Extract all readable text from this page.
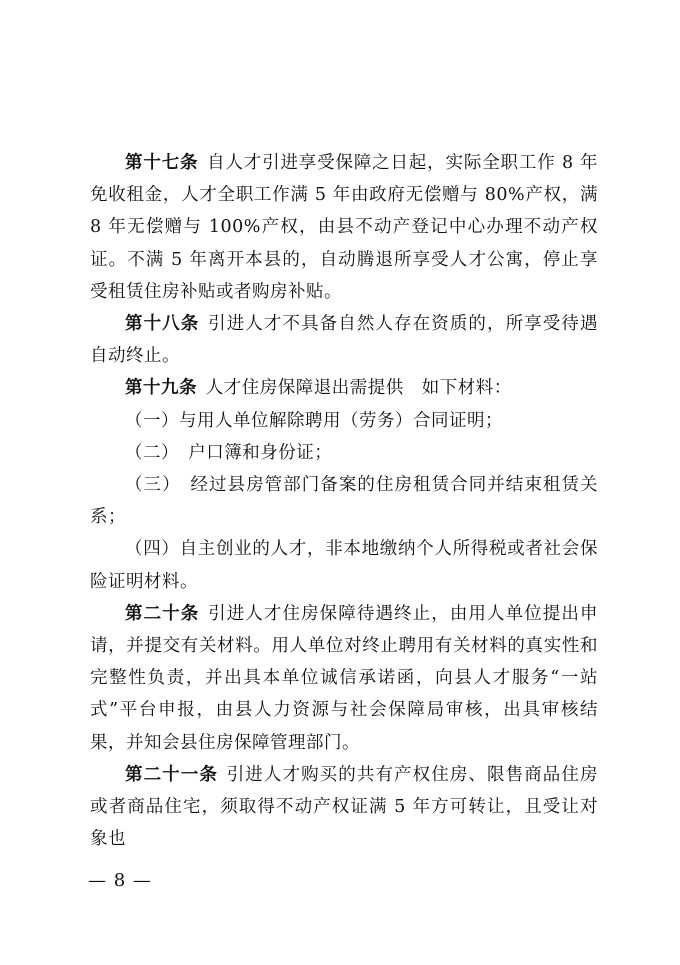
第十七条 自人才引进享受保障之日起，实际全职工作 8 年免收租金，人才全职工作满 5 年由政府无偿赠与 80%产权，满 8 年无偿赠与 100%产权，由县不动产登记中心办理不动产权证。不满 5 年离开本县的，自动腾退所享受人才公寓，停止享受租赁住房补贴或者购房补贴。

第十八条 引进人才不具备自然人存在资质的，所享受待遇自动终止。

第十九条 人才住房保障退出需提供　如下材料：

（一）与用人单位解除聘用（劳务）合同证明；

（二）　户口簿和身份证；

（三）　经过县房管部门备案的住房租赁合同并结束租赁关系；

（四）自主创业的人才，非本地缴纳个人所得税或者社会保险证明材料。

第二十条 引进人才住房保障待遇终止，由用人单位提出申请，并提交有关材料。用人单位对终止聘用有关材料的真实性和完整性负责，并出具本单位诚信承诺函，向县人才服务“一站式”平台申报，由县人力资源与社会保障局审核，出具审核结果，并知会县住房保障管理部门。

第二十一条 引进人才购买的共有产权住房、限售商品住房或者商品住宅，须取得不动产权证满 5 年方可转让，且受让对象也

— 8 —
